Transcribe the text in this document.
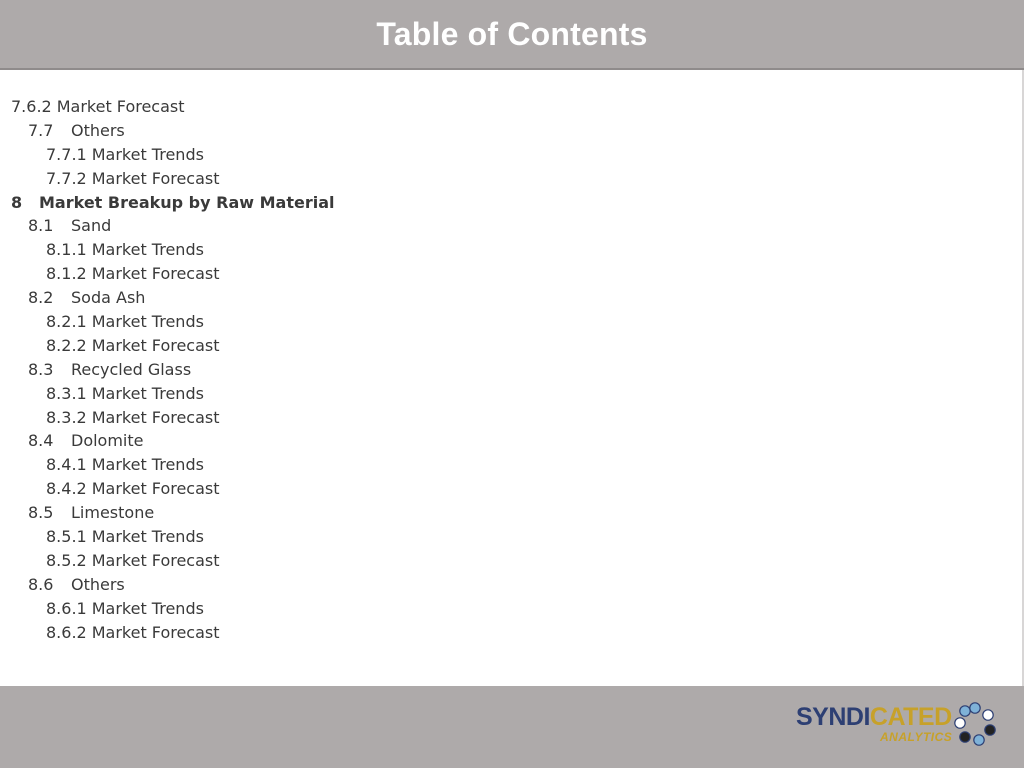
Table of Contents
7.6.2 Market Forecast
7.7	Others
7.7.1 Market Trends
7.7.2 Market Forecast
8	Market Breakup by Raw Material
8.1	Sand
8.1.1 Market Trends
8.1.2 Market Forecast
8.2	Soda Ash
8.2.1 Market Trends
8.2.2 Market Forecast
8.3	Recycled Glass
8.3.1 Market Trends
8.3.2 Market Forecast
8.4	Dolomite
8.4.1 Market Trends
8.4.2 Market Forecast
8.5	Limestone
8.5.1 Market Trends
8.5.2 Market Forecast
8.6	Others
8.6.1 Market Trends
8.6.2 Market Forecast
SYNDICATED
ANALYTICS
